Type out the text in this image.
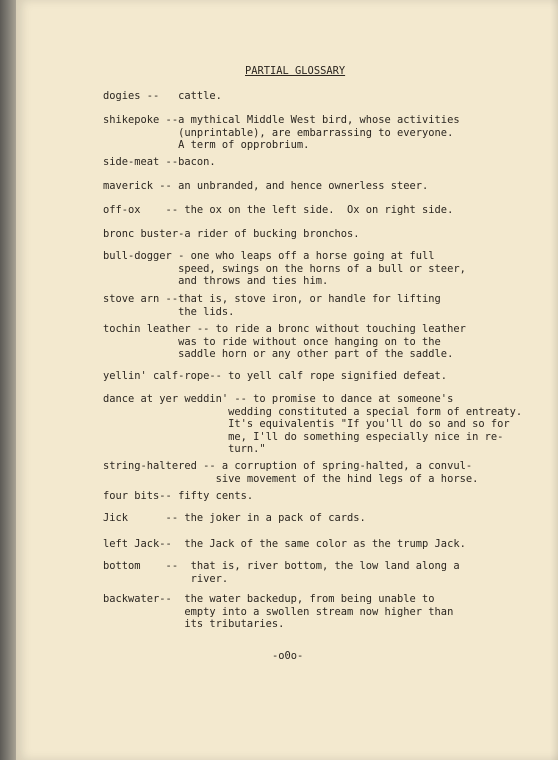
PARTIAL GLOSSARY
dogies --   cattle.
shikepoke --a mythical Middle West bird, whose activities
(unprintable), are embarrassing to everyone.
A term of opprobrium.
side-meat --bacon.
maverick -- an unbranded, and hence ownerless steer.
off-ox    -- the ox on the left side.  Ox on right side.
bronc buster-a rider of bucking bronchos.
bull-dogger - one who leaps off a horse going at full
speed, swings on the horns of a bull or steer,
and throws and ties him.
stove arn --that is, stove iron, or handle for lifting
the lids.
tochin leather -- to ride a bronc without touching leather
was to ride without once hanging on to the
saddle horn or any other part of the saddle.
yellin' calf-rope-- to yell calf rope signified defeat.
dance at yer weddin' -- to promise to dance at someone's
wedding constituted a special form of entreaty.
It's equivalentis "If you'll do so and so for
me, I'll do something especially nice in re-
turn."
string-haltered -- a corruption of spring-halted, a convul-
sive movement of the hind legs of a horse.
four bits-- fifty cents.
Jick      -- the joker in a pack of cards.
left Jack--  the Jack of the same color as the trump Jack.
bottom    --  that is, river bottom, the low land along a
river.
backwater--  the water backedup, from being unable to
empty into a swollen stream now higher than
its tributaries.
-o0o-
